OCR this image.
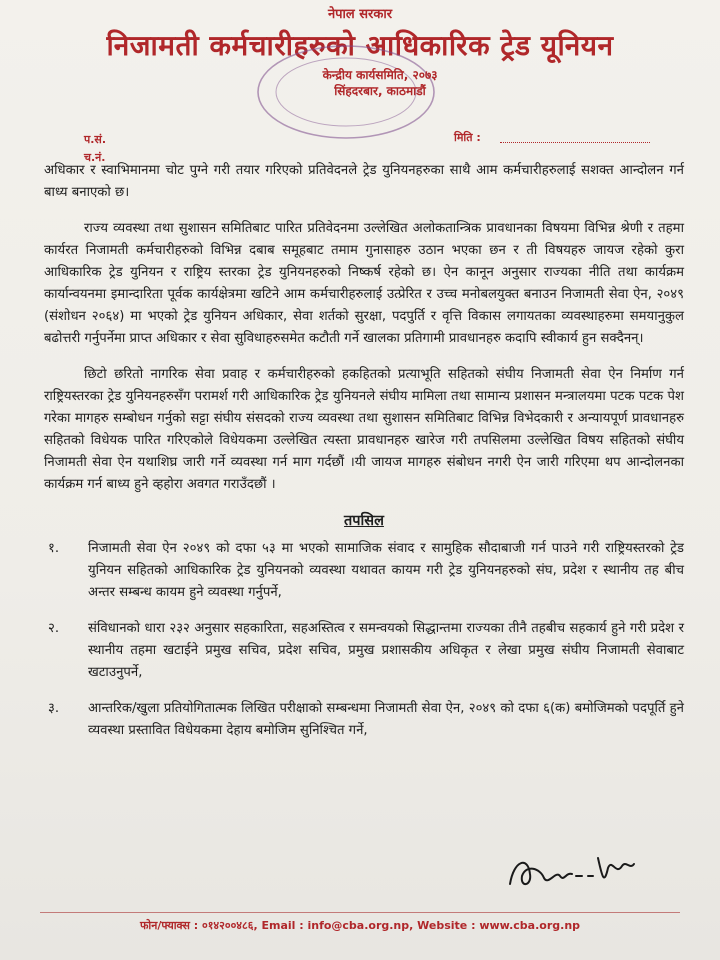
नेपाल सरकार
निजामती कर्मचारीहरुको आधिकारिक ट्रेड यूनियन
केन्द्रीय कार्यसमिति, २०७३
सिंहदरबार, काठमाडौं
प.सं.
च.नं.
मिति :

अधिकार र स्वाभिमानमा चोट पुग्ने गरी तयार गरिएको प्रतिवेदनले ट्रेड युनियनहरुका साथै आम कर्मचारीहरुलाई सशक्त आन्दोलन गर्न बाध्य बनाएको छ।

राज्य व्यवस्था तथा सुशासन समितिबाट पारित प्रतिवेदनमा उल्लेखित अलोकतान्त्रिक प्रावधानका विषयमा विभिन्न श्रेणी र तहमा कार्यरत निजामती कर्मचारीहरुको विभिन्न दबाब समूहबाट तमाम गुनासाहरु उठान भएका छन र ती विषयहरु जायज रहेको कुरा आधिकारिक ट्रेड युनियन र राष्ट्रिय स्तरका ट्रेड युनियनहरुको निष्कर्ष रहेको छ। ऐन कानून अनुसार राज्यका नीति तथा कार्यक्रम कार्यान्वयनमा इमान्दारिता पूर्वक कार्यक्षेत्रमा खटिने आम कर्मचारीहरुलाई उत्प्रेरित र उच्च मनोबलयुक्त बनाउन निजामती सेवा ऐन, २०४९ (संशोधन २०६४) मा भएको ट्रेड युनियन अधिकार, सेवा शर्तको सुरक्षा, पदपुर्ति र वृत्ति विकास लगायतका व्यवस्थाहरुमा समयानुकुल बढोत्तरी गर्नुपर्नेमा प्राप्त अधिकार र सेवा सुविधाहरुसमेत कटौती गर्ने खालका प्रतिगामी प्रावधानहरु कदापि स्वीकार्य हुन सक्दैनन्।

छिटो छरितो नागरिक सेवा प्रवाह र कर्मचारीहरुको हकहितको प्रत्याभूति सहितको संघीय निजामती सेवा ऐन निर्माण गर्न राष्ट्रियस्तरका ट्रेड युनियनहरुसँग परामर्श गरी आधिकारिक ट्रेड युनियनले संघीय मामिला तथा सामान्य प्रशासन मन्त्रालयमा पटक पटक पेश गरेका मागहरु सम्बोधन गर्नुको सट्टा संघीय संसदको राज्य व्यवस्था तथा सुशासन समितिबाट विभिन्न विभेदकारी र अन्यायपूर्ण प्रावधानहरु सहितको विधेयक पारित गरिएकोले विधेयकमा उल्लेखित त्यस्ता प्रावधानहरु खारेज गरी तपसिलमा उल्लेखित विषय सहितको संघीय निजामती सेवा ऐन यथाशिघ्र जारी गर्ने व्यवस्था गर्न माग गर्दछौं ।यी जायज मागहरु संबोधन नगरी ऐन जारी गरिएमा थप आन्दोलनका कार्यक्रम गर्न बाध्य हुने व्हहोरा अवगत गराउँदछौं ।

तपसिल
१.	निजामती सेवा ऐन २०४९ को दफा ५३ मा भएको सामाजिक संवाद र सामुहिक सौदाबाजी गर्न पाउने गरी राष्ट्रियस्तरको ट्रेड युनियन सहितको आधिकारिक ट्रेड युनियनको व्यवस्था यथावत कायम गरी ट्रेड युनियनहरुको संघ, प्रदेश र स्थानीय तह बीच अन्तर सम्बन्ध कायम हुने व्यवस्था गर्नुपर्ने,
२.	संविधानको धारा २३२ अनुसार सहकारिता, सहअस्तित्व र समन्वयको सिद्धान्तमा राज्यका तीनै तहबीच सहकार्य हुने गरी प्रदेश र स्थानीय तहमा खटाईने प्रमुख सचिव, प्रदेश सचिव, प्रमुख प्रशासकीय अधिकृत र लेखा प्रमुख संघीय निजामती सेवाबाट खटाउनुपर्ने,
३.	आन्तरिक/खुला प्रतियोगितात्मक लिखित परीक्षाको सम्बन्धमा निजामती सेवा ऐन, २०४९ को दफा ६(क) बमोजिमको पदपूर्ति हुने व्यवस्था प्रस्तावित विधेयकमा देहाय बमोजिम सुनिश्चित गर्ने,
फोन/फ्याक्स : ०१४२००४८६, Email : info@cba.org.np, Website : www.cba.org.np
